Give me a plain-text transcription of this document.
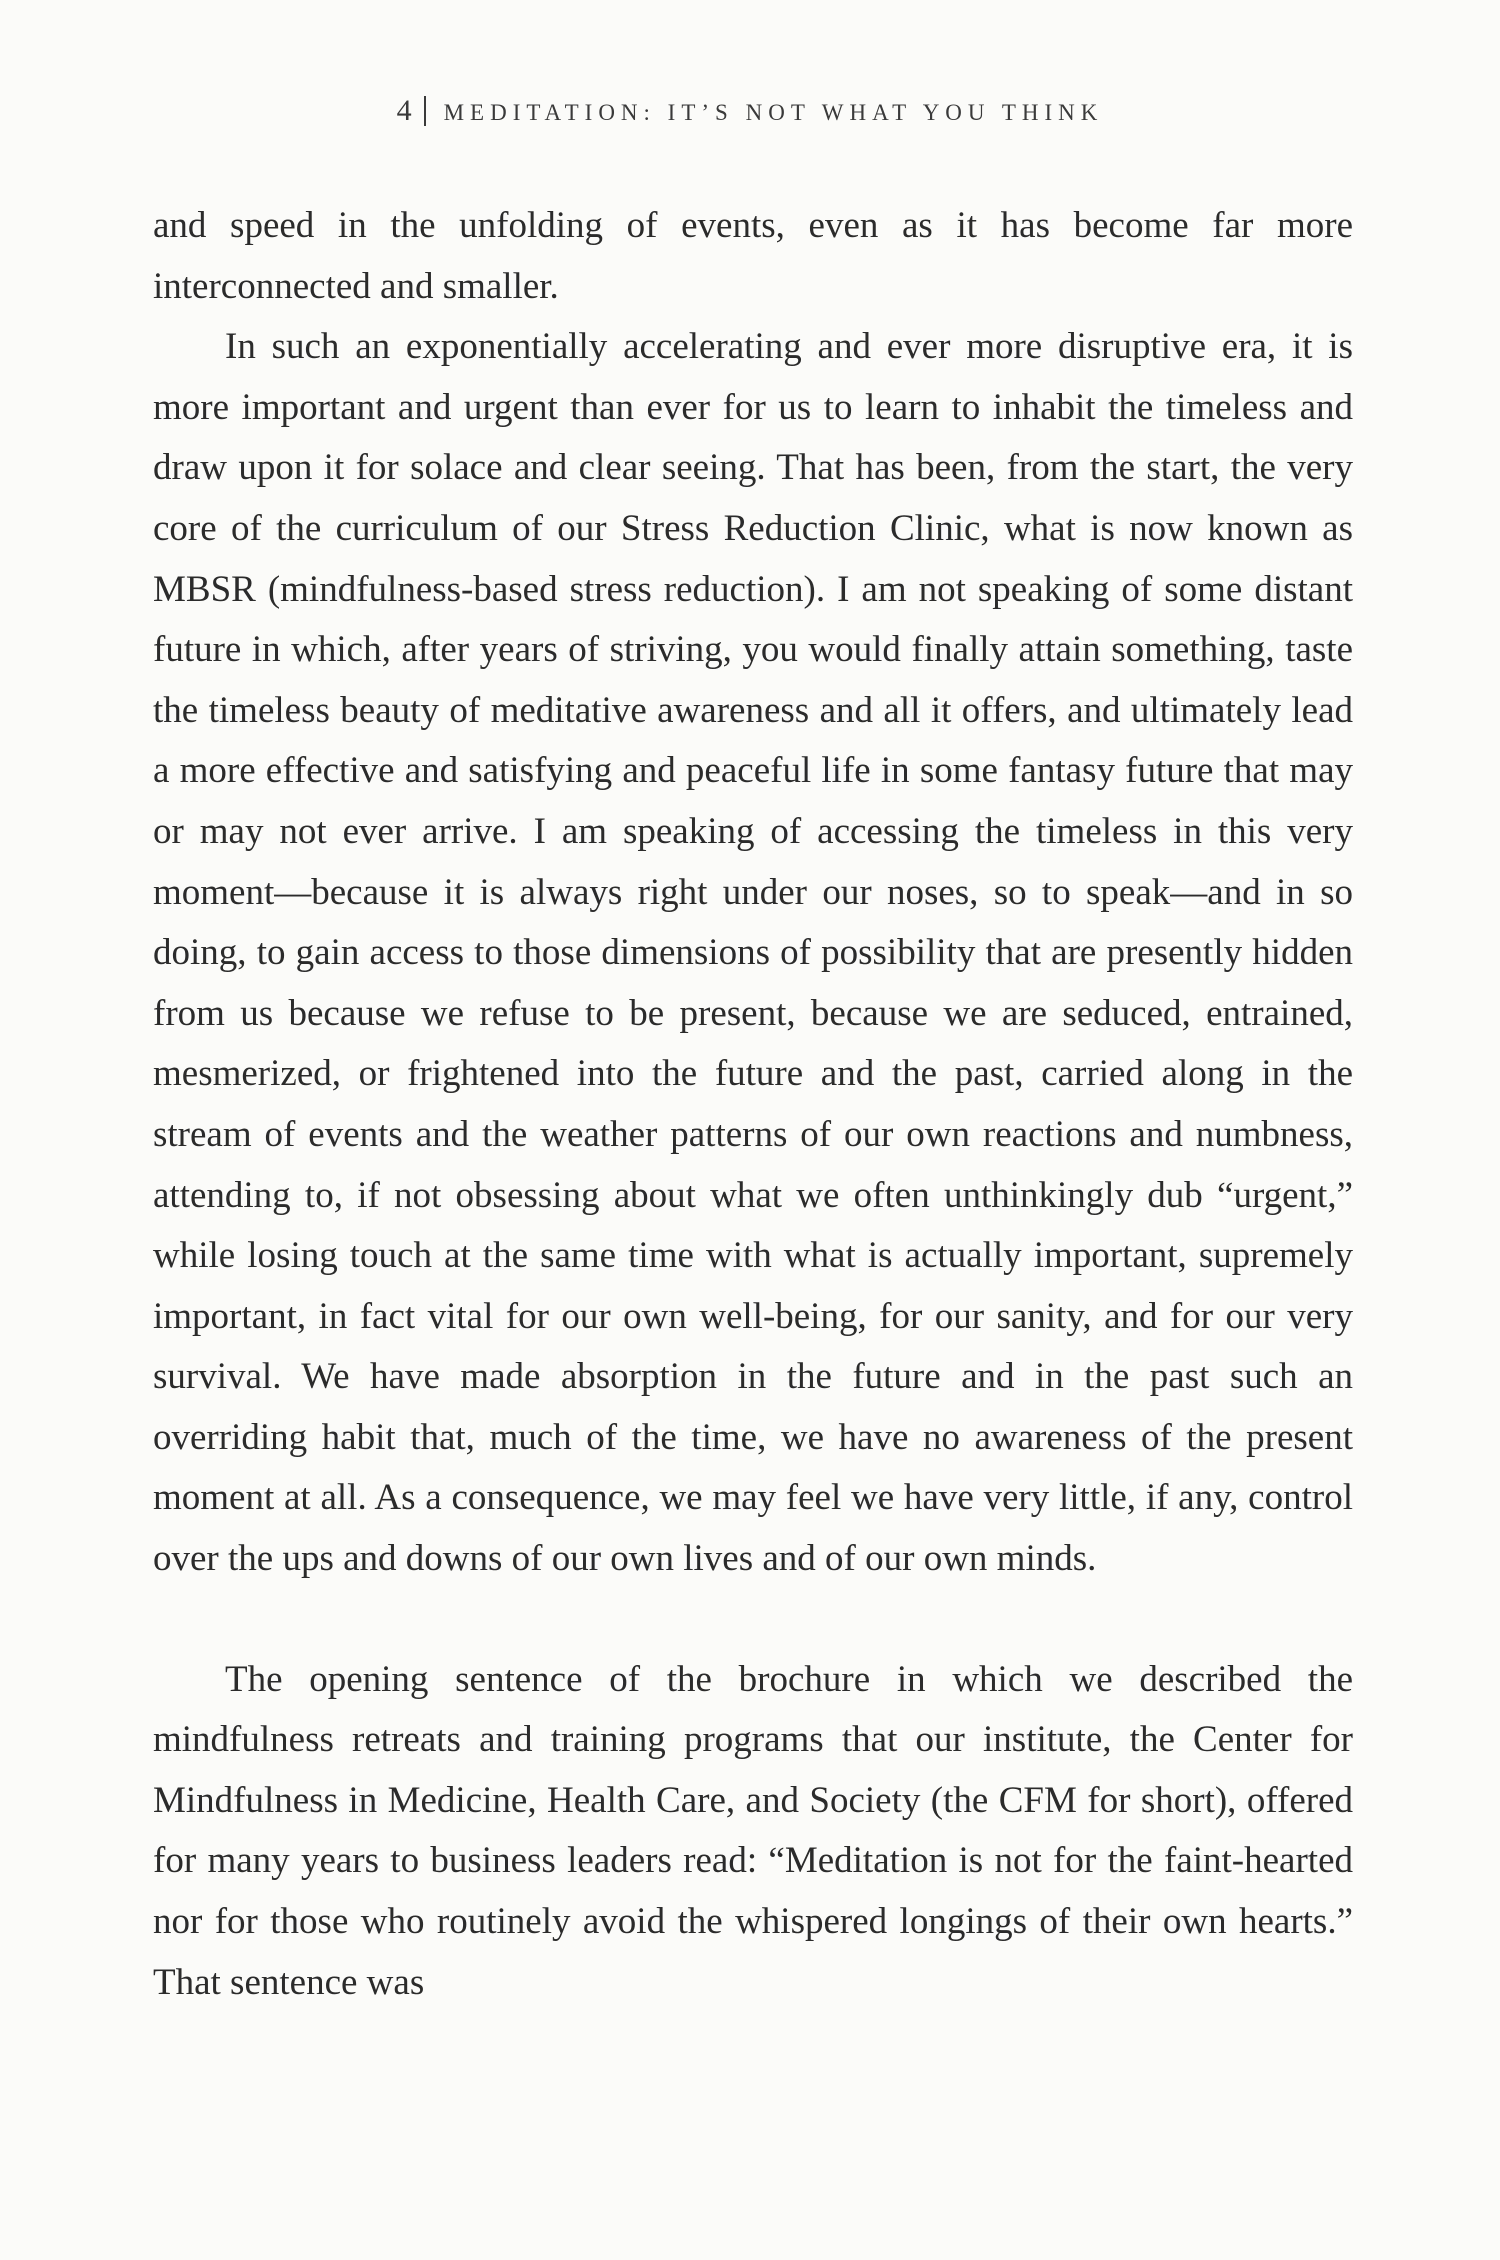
4 MEDITATION: IT’S NOT WHAT YOU THINK

and speed in the unfolding of events, even as it has become far more interconnected and smaller.

In such an exponentially accelerating and ever more disruptive era, it is more important and urgent than ever for us to learn to inhabit the timeless and draw upon it for solace and clear seeing. That has been, from the start, the very core of the curriculum of our Stress Reduction Clinic, what is now known as MBSR (mindfulness-based stress reduction). I am not speaking of some distant future in which, after years of striving, you would finally attain something, taste the timeless beauty of meditative awareness and all it offers, and ultimately lead a more effective and satisfying and peaceful life in some fantasy future that may or may not ever arrive. I am speaking of accessing the timeless in this very moment—because it is always right under our noses, so to speak—and in so doing, to gain access to those dimensions of possibility that are presently hidden from us because we refuse to be present, because we are seduced, entrained, mesmerized, or frightened into the future and the past, carried along in the stream of events and the weather patterns of our own reactions and numbness, attending to, if not obsessing about what we often unthinkingly dub “urgent,” while losing touch at the same time with what is actually important, supremely important, in fact vital for our own well-being, for our sanity, and for our very survival. We have made absorption in the future and in the past such an overriding habit that, much of the time, we have no awareness of the present moment at all. As a consequence, we may feel we have very little, if any, control over the ups and downs of our own lives and of our own minds.

The opening sentence of the brochure in which we described the mindfulness retreats and training programs that our institute, the Center for Mindfulness in Medicine, Health Care, and Society (the CFM for short), offered for many years to business leaders read: “Meditation is not for the faint-hearted nor for those who routinely avoid the whispered longings of their own hearts.” That sentence was
